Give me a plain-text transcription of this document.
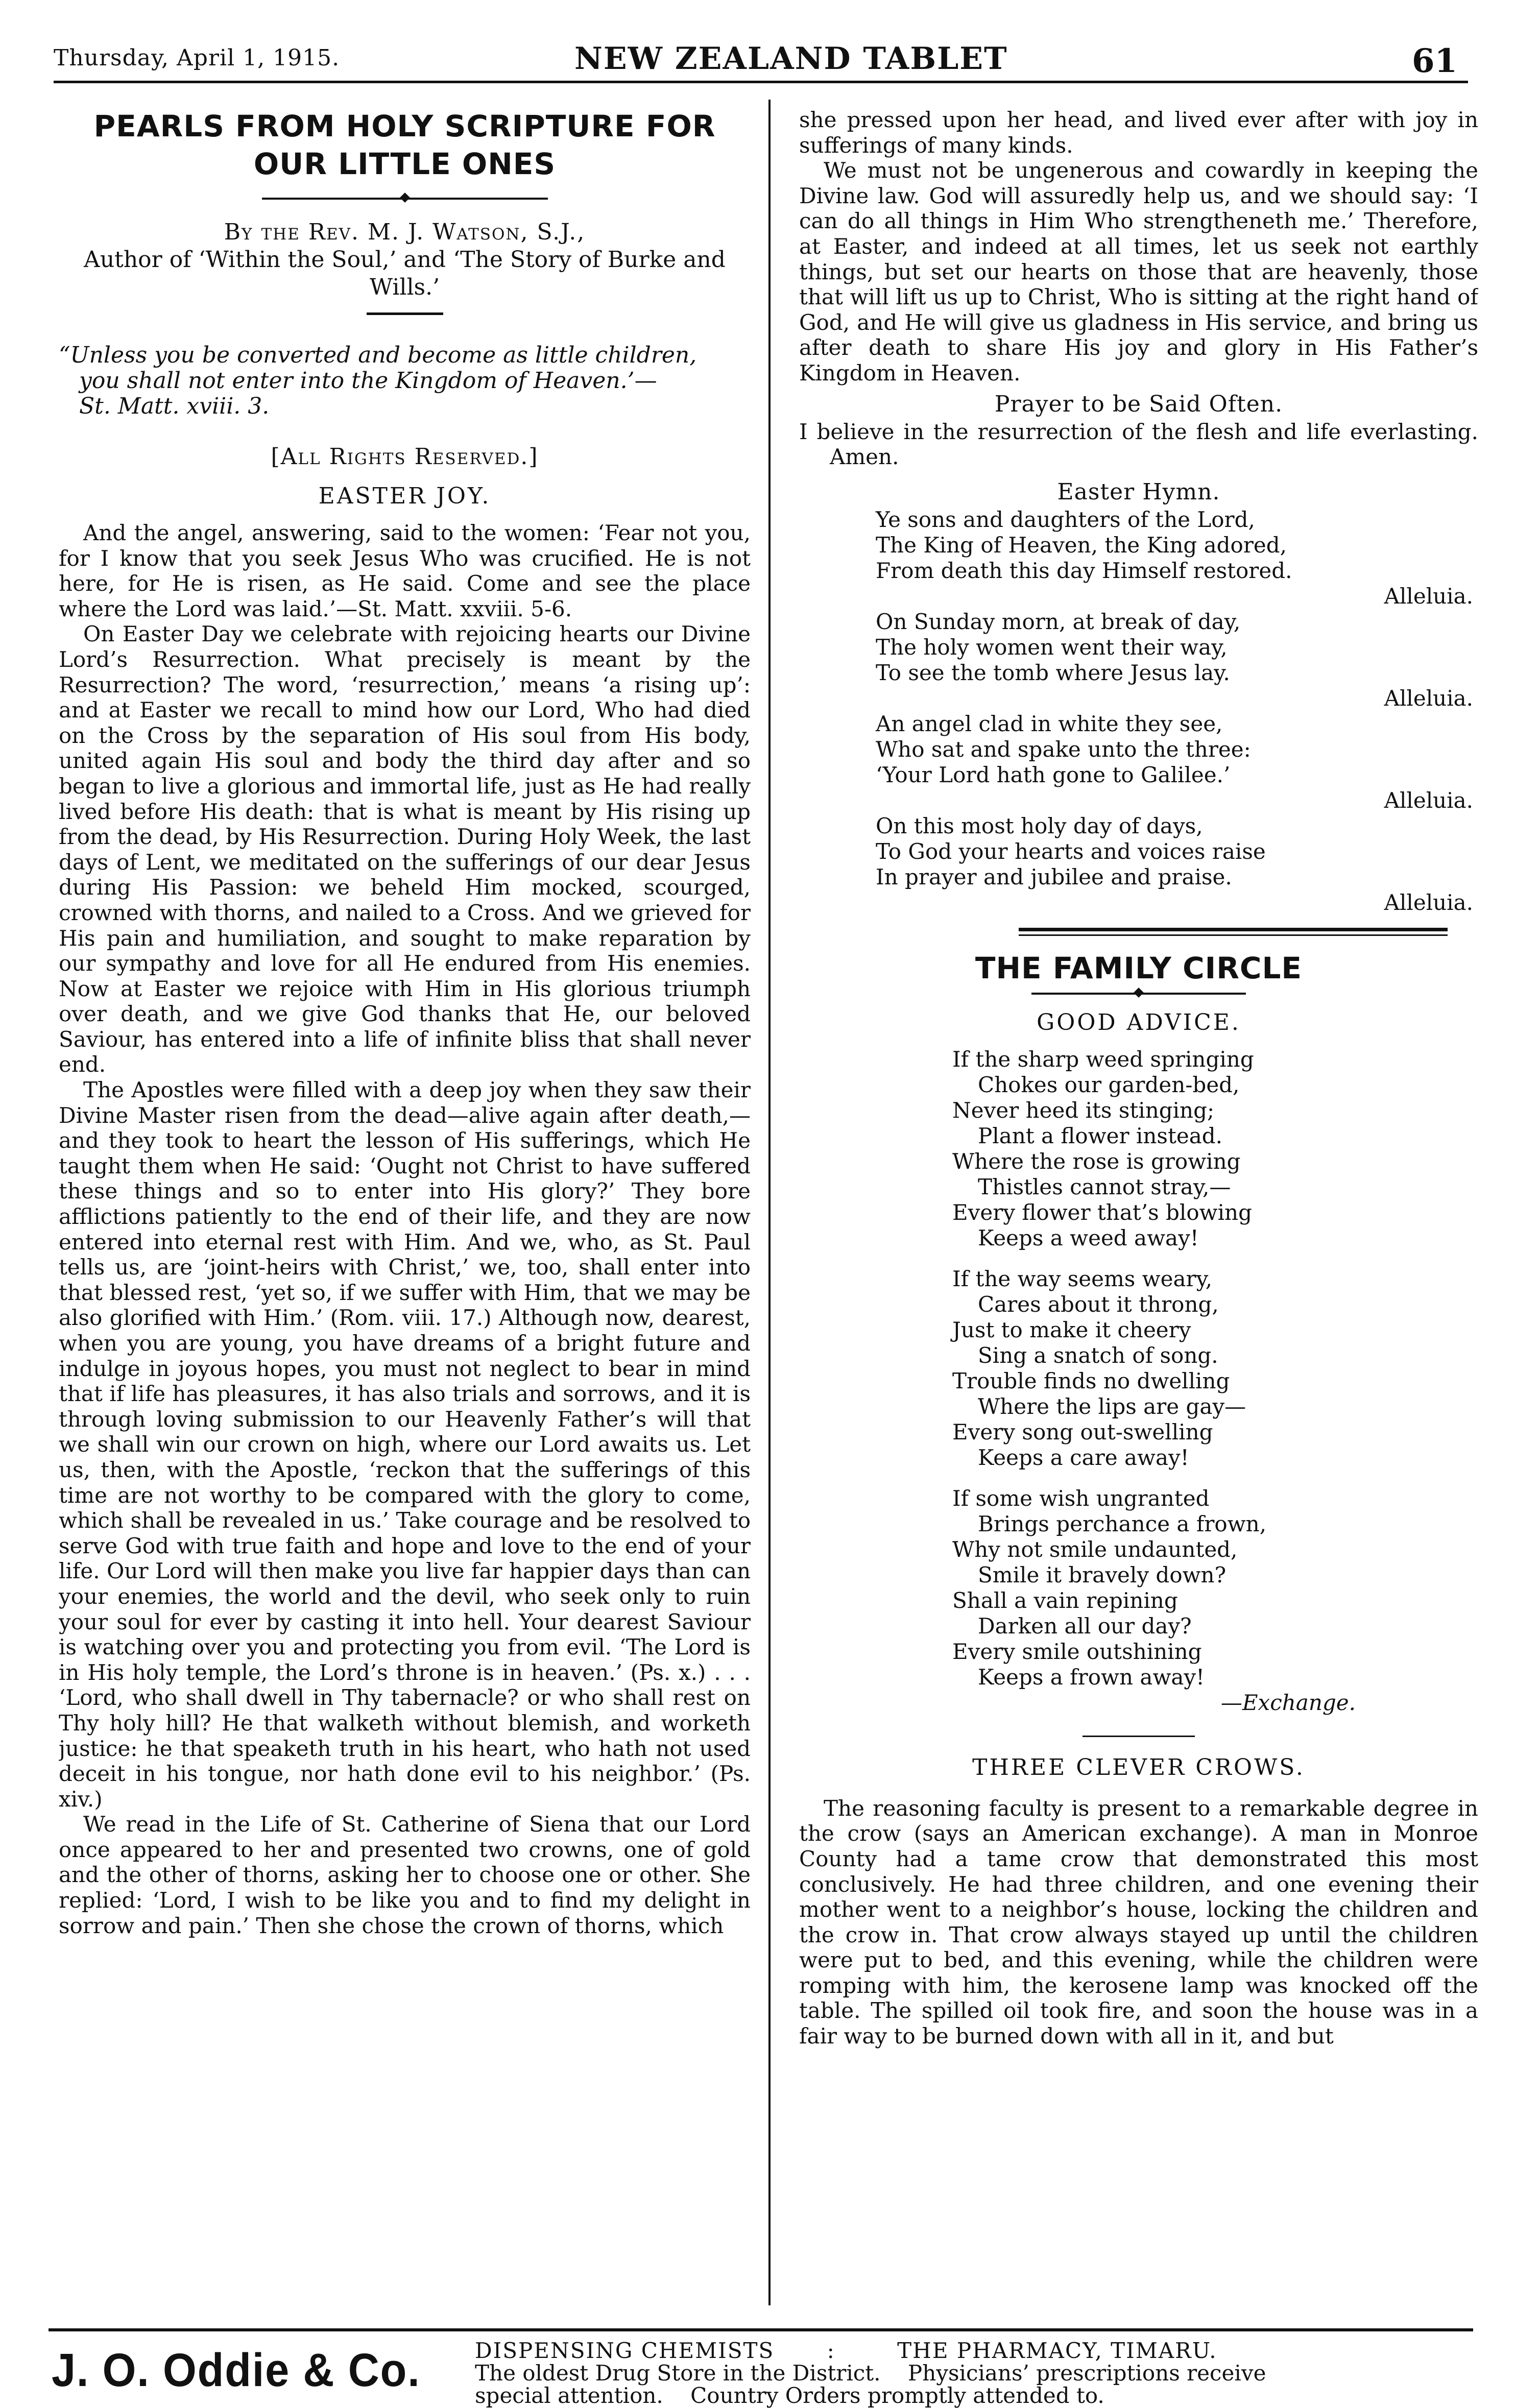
Thursday, April 1, 1915.	NEW ZEALAND TABLET	61
PEARLS FROM HOLY SCRIPTURE FOR OUR LITTLE ONES
By the Rev. M. J. Watson, S.J.,
Author of ‘Within the Soul,’ and ‘The Story of Burke and Wills.’
“Unless you be converted and become as little children,
you shall not enter into the Kingdom of Heaven.’—
St. Matt. xviii. 3.
[All Rights Reserved.]
EASTER JOY.

And the angel, answering, said to the women: ‘Fear not you, for I know that you seek Jesus Who was crucified. He is not here, for He is risen, as He said. Come and see the place where the Lord was laid.’—St. Matt. xxviii. 5-6.

On Easter Day we celebrate with rejoicing hearts our Divine Lord’s Resurrection. What precisely is meant by the Resurrection? The word, ‘resurrection,’ means ‘a rising up’: and at Easter we recall to mind how our Lord, Who had died on the Cross by the separation of His soul from His body, united again His soul and body the third day after and so began to live a glorious and immortal life, just as He had really lived before His death: that is what is meant by His rising up from the dead, by His Resurrection. During Holy Week, the last days of Lent, we meditated on the sufferings of our dear Jesus during His Passion: we beheld Him mocked, scourged, crowned with thorns, and nailed to a Cross. And we grieved for His pain and humiliation, and sought to make reparation by our sympathy and love for all He endured from His enemies. Now at Easter we rejoice with Him in His glorious triumph over death, and we give God thanks that He, our beloved Saviour, has entered into a life of infinite bliss that shall never end.

The Apostles were filled with a deep joy when they saw their Divine Master risen from the dead—alive again after death,—and they took to heart the lesson of His sufferings, which He taught them when He said: ‘Ought not Christ to have suffered these things and so to enter into His glory?’ They bore afflictions patiently to the end of their life, and they are now entered into eternal rest with Him. And we, who, as St. Paul tells us, are ‘joint-heirs with Christ,’ we, too, shall enter into that blessed rest, ‘yet so, if we suffer with Him, that we may be also glorified with Him.’ (Rom. viii. 17.) Although now, dearest, when you are young, you have dreams of a bright future and indulge in joyous hopes, you must not neglect to bear in mind that if life has pleasures, it has also trials and sorrows, and it is through loving submission to our Heavenly Father’s will that we shall win our crown on high, where our Lord awaits us. Let us, then, with the Apostle, ‘reckon that the sufferings of this time are not worthy to be compared with the glory to come, which shall be revealed in us.’ Take courage and be resolved to serve God with true faith and hope and love to the end of your life. Our Lord will then make you live far happier days than can your enemies, the world and the devil, who seek only to ruin your soul for ever by casting it into hell. Your dearest Saviour is watching over you and protecting you from evil. ‘The Lord is in His holy temple, the Lord’s throne is in heaven.’ (Ps. x.) . . . ‘Lord, who shall dwell in Thy tabernacle? or who shall rest on Thy holy hill? He that walketh without blemish, and worketh justice: he that speaketh truth in his heart, who hath not used deceit in his tongue, nor hath done evil to his neighbor.’ (Ps. xiv.)

We read in the Life of St. Catherine of Siena that our Lord once appeared to her and presented two crowns, one of gold and the other of thorns, asking her to choose one or other. She replied: ‘Lord, I wish to be like you and to find my delight in sorrow and pain.’ Then she chose the crown of thorns, which

she pressed upon her head, and lived ever after with joy in sufferings of many kinds.

We must not be ungenerous and cowardly in keeping the Divine law. God will assuredly help us, and we should say: ‘I can do all things in Him Who strengtheneth me.’ Therefore, at Easter, and indeed at all times, let us seek not earthly things, but set our hearts on those that are heavenly, those that will lift us up to Christ, Who is sitting at the right hand of God, and He will give us gladness in His service, and bring us after death to share His joy and glory in His Father’s Kingdom in Heaven.

Prayer to be Said Often.

I believe in the resurrection of the flesh and life everlasting. Amen.

Easter Hymn.
Ye sons and daughters of the Lord,
The King of Heaven, the King adored,
From death this day Himself restored.
Alleluia.
On Sunday morn, at break of day,
The holy women went their way,
To see the tomb where Jesus lay.
Alleluia.
An angel clad in white they see,
Who sat and spake unto the three:
‘Your Lord hath gone to Galilee.’
Alleluia.
On this most holy day of days,
To God your hearts and voices raise
In prayer and jubilee and praise.
Alleluia.
THE FAMILY CIRCLE
GOOD ADVICE.
If the sharp weed springing
Chokes our garden-bed,
Never heed its stinging;
Plant a flower instead.
Where the rose is growing
Thistles cannot stray,—
Every flower that’s blowing
Keeps a weed away!
If the way seems weary,
Cares about it throng,
Just to make it cheery
Sing a snatch of song.
Trouble finds no dwelling
Where the lips are gay—
Every song out-swelling
Keeps a care away!
If some wish ungranted
Brings perchance a frown,
Why not smile undaunted,
Smile it bravely down?
Shall a vain repining
Darken all our day?
Every smile outshining
Keeps a frown away!
—Exchange.
THREE CLEVER CROWS.

The reasoning faculty is present to a remarkable degree in the crow (says an American exchange). A man in Monroe County had a tame crow that demonstrated this most conclusively. He had three children, and one evening their mother went to a neighbor’s house, locking the children and the crow in. That crow always stayed up until the children were put to bed, and this evening, while the children were romping with him, the kerosene lamp was knocked off the table. The spilled oil took fire, and soon the house was in a fair way to be burned down with all in it, and but

J. O. Oddie & Co.	DISPENSING CHEMISTS :	THE PHARMACY, TIMARU.
The oldest Drug Store in the District.    Physicians’ prescriptions receive
special attention.    Country Orders promptly attended to.
